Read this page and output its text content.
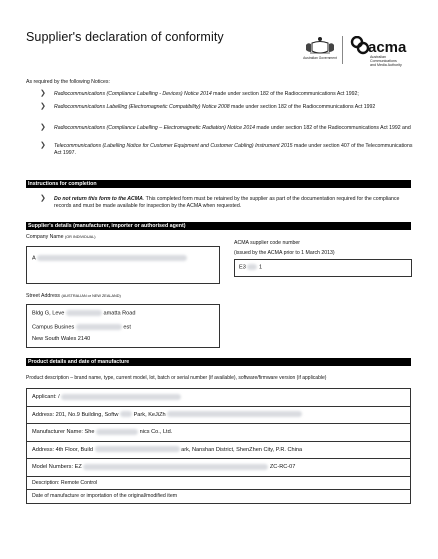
Supplier's declaration of conformity
Australian Government
acma
Australian
Communications
and Media Authority
As required by the following Notices:
❯ Radiocommunications (Compliance Labelling - Devices) Notice 2014 made under section 182 of the Radiocommunications Act 1992;
❯ Radiocommunications Labelling (Electromagnetic Compatibility) Notice 2008 made under section 182 of the Radiocommunications Act 1992
❯ Radiocommunications (Compliance Labelling – Electromagnetic Radiation) Notice 2014 made under section 182 of the Radiocommunications Act 1992 and
❯ Telecommunications (Labelling Notice for Customer Equipment and Customer Cabling) Instrument 2015 made under section 407 of the Telecommunications Act 1997.
Instructions for completion
❯ Do not return this form to the ACMA. This completed form must be retained by the supplier as part of the documentation required for the compliance records and must be made available for inspection by the ACMA when requested.
Supplier's details (manufacturer, importer or authorised agent)
Company Name (OR INDIVIDUAL)
A
ACMA supplier code number
(issued by the ACMA prior to 1 March 2013)
E3 1
Street Address (AUSTRALIAN or NEW ZEALAND)
Bldg G, Leve	amatta Road
Campus Busines	est
New South Wales 2140
Product details and date of manufacture
Product description – brand name, type, current model, lot, batch or serial number (if available), software/firmware version (if applicable)
Applicant: /
Address: 201, No.9 Building, Softw	Park, KeJiZh
Manufacturer Name: She	nics Co., Ltd.
Address: 4th Floor, Build	ark, Nanshan District, ShenZhen City, P.R. China
Model Numbers: EZ	ZC-RC-07
Description: Remote Control
Date of manufacture or importation of the original/modified item
